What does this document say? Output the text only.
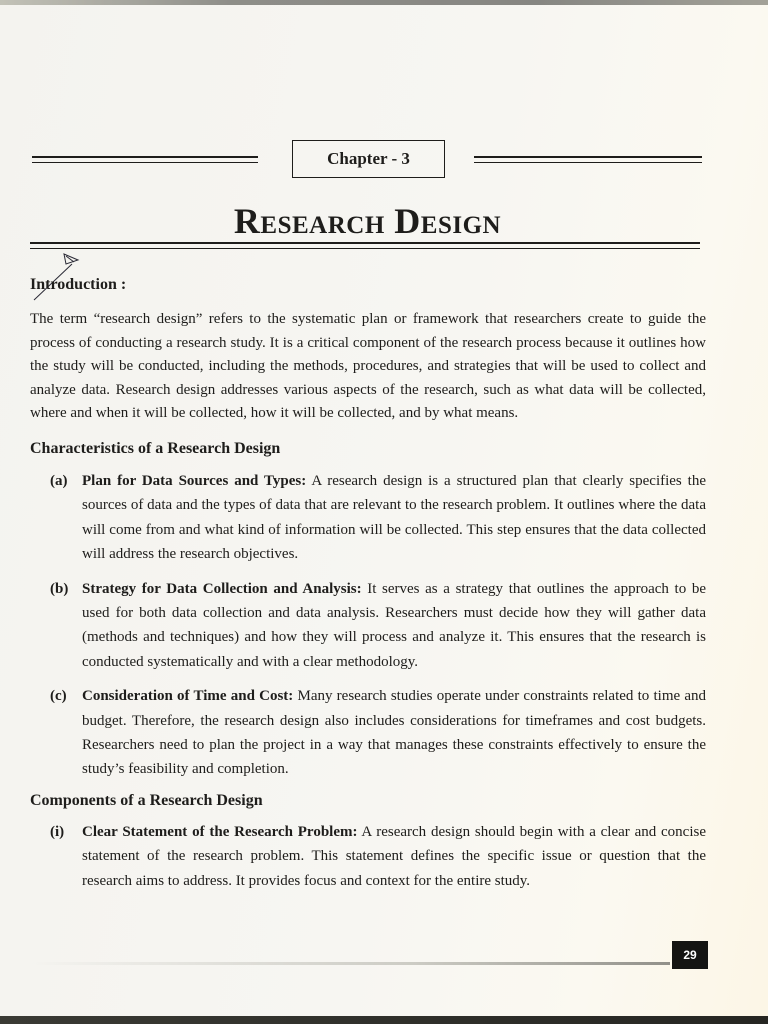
Chapter - 3
Research Design
Introduction :

The term “research design” refers to the systematic plan or framework that researchers create to guide the process of conducting a research study. It is a critical component of the research process because it outlines how the study will be conducted, including the methods, procedures, and strategies that will be used to collect and analyze data. Research design addresses various aspects of the research, such as what data will be collected, where and when it will be collected, how it will be collected, and by what means.

Characteristics of a Research Design
(a) Plan for Data Sources and Types: A research design is a structured plan that clearly specifies the sources of data and the types of data that are relevant to the research problem. It outlines where the data will come from and what kind of information will be collected. This step ensures that the data collected will address the research objectives.

(b) Strategy for Data Collection and Analysis: It serves as a strategy that outlines the approach to be used for both data collection and data analysis. Researchers must decide how they will gather data (methods and techniques) and how they will process and analyze it. This ensures that the research is conducted systematically and with a clear methodology.

(c)	Consideration of Time and Cost: Many research studies operate under constraints related to time and budget. Therefore, the research design also includes considerations for timeframes and cost budgets. Researchers need to plan the project in a way that manages these constraints effectively to ensure the study’s feasibility and completion.

Components of a Research Design
(i)	Clear Statement of the Research Problem: A research design should begin with a clear and concise statement of the research problem. This statement defines the specific issue or question that the research aims to address. It provides focus and context for the entire study.

29
